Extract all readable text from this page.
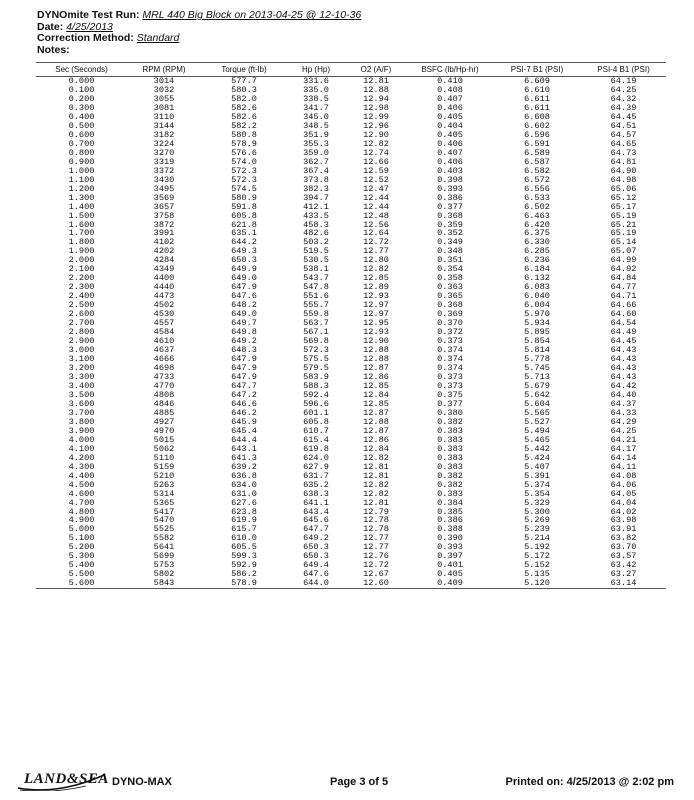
DYNOmite Test Run: MRL 440 Big Block on 2013-04-25 @ 12-10-36
Date: 4/25/2013
Correction Method: Standard
Notes:
Sec (Seconds)	RPM (RPM)	Torque (ft-lb)	Hp (Hp)	O2 (A/F)	BSFC (lb/Hp-hr)	PSI-7 B1 (PSI)	PSI-4 B1 (PSI)
0.000	3014	577.7	331.6	12.81	0.410	6.609	64.19
0.100	3032	580.3	335.0	12.88	0.408	6.610	64.25
0.200	3055	582.0	338.5	12.94	0.407	6.611	64.32
0.300	3081	582.6	341.7	12.98	0.406	6.611	64.39
0.400	3110	582.6	345.0	12.99	0.405	6.608	64.45
0.500	3144	582.2	348.5	12.96	0.404	6.602	64.51
0.600	3182	580.8	351.9	12.90	0.405	6.596	64.57
0.700	3224	578.9	355.3	12.82	0.406	6.591	64.65
0.800	3270	576.6	359.0	12.74	0.407	6.589	64.73
0.900	3319	574.0	362.7	12.66	0.406	6.587	64.81
1.000	3372	572.3	367.4	12.59	0.403	6.582	64.90
1.100	3430	572.3	373.8	12.52	0.398	6.572	64.98
1.200	3495	574.5	382.3	12.47	0.393	6.556	65.06
1.300	3569	580.9	394.7	12.44	0.386	6.533	65.12
1.400	3657	591.8	412.1	12.44	0.377	6.502	65.17
1.500	3758	605.8	433.5	12.48	0.368	6.463	65.19
1.600	3872	621.8	458.3	12.56	0.359	6.420	65.21
1.700	3991	635.1	482.6	12.64	0.352	6.375	65.19
1.800	4102	644.2	503.2	12.72	0.349	6.330	65.14
1.900	4202	649.3	519.5	12.77	0.348	6.285	65.07
2.000	4284	650.3	530.5	12.80	0.351	6.236	64.99
2.100	4349	649.9	538.1	12.82	0.354	6.184	64.92
2.200	4400	649.0	543.7	12.85	0.358	6.132	64.84
2.300	4440	647.9	547.8	12.89	0.363	6.083	64.77
2.400	4473	647.6	551.6	12.93	0.365	6.040	64.71
2.500	4502	648.2	555.7	12.97	0.368	6.004	64.66
2.600	4530	649.0	559.8	12.97	0.369	5.970	64.60
2.700	4557	649.7	563.7	12.95	0.370	5.934	64.54
2.800	4584	649.8	567.1	12.93	0.372	5.895	64.49
2.900	4610	649.2	569.8	12.90	0.373	5.854	64.45
3.000	4637	648.3	572.3	12.88	0.374	5.814	64.43
3.100	4666	647.9	575.5	12.88	0.374	5.778	64.43
3.200	4698	647.9	579.5	12.87	0.374	5.745	64.43
3.300	4733	647.9	583.9	12.86	0.373	5.713	64.43
3.400	4770	647.7	588.3	12.85	0.373	5.679	64.42
3.500	4808	647.2	592.4	12.84	0.375	5.642	64.40
3.600	4846	646.6	596.6	12.85	0.377	5.604	64.37
3.700	4885	646.2	601.1	12.87	0.380	5.565	64.33
3.800	4927	645.9	605.8	12.88	0.382	5.527	64.29
3.900	4970	645.4	610.7	12.87	0.383	5.494	64.25
4.000	5015	644.4	615.4	12.86	0.383	5.465	64.21
4.100	5062	643.1	619.8	12.84	0.383	5.442	64.17
4.200	5110	641.3	624.0	12.82	0.383	5.424	64.14
4.300	5159	639.2	627.9	12.81	0.383	5.407	64.11
4.400	5210	636.8	631.7	12.81	0.382	5.391	64.08
4.500	5263	634.0	635.2	12.82	0.382	5.374	64.06
4.600	5314	631.0	638.3	12.82	0.383	5.354	64.05
4.700	5365	627.6	641.1	12.81	0.384	5.329	64.04
4.800	5417	623.8	643.4	12.79	0.385	5.300	64.02
4.900	5470	619.9	645.6	12.78	0.386	5.269	63.98
5.000	5525	615.7	647.7	12.78	0.388	5.239	63.91
5.100	5582	610.0	649.2	12.77	0.390	5.214	63.82
5.200	5641	605.5	650.3	12.77	0.393	5.192	63.70
5.300	5699	599.3	650.3	12.76	0.397	5.172	63.57
5.400	5753	592.9	649.4	12.72	0.401	5.152	63.42
5.500	5802	586.2	647.6	12.67	0.405	5.135	63.27
5.600	5843	578.9	644.0	12.60	0.409	5.120	63.14
LAND&SEA DYNO-MAX	Page 3 of 5	Printed on: 4/25/2013 @ 2:02 pm
